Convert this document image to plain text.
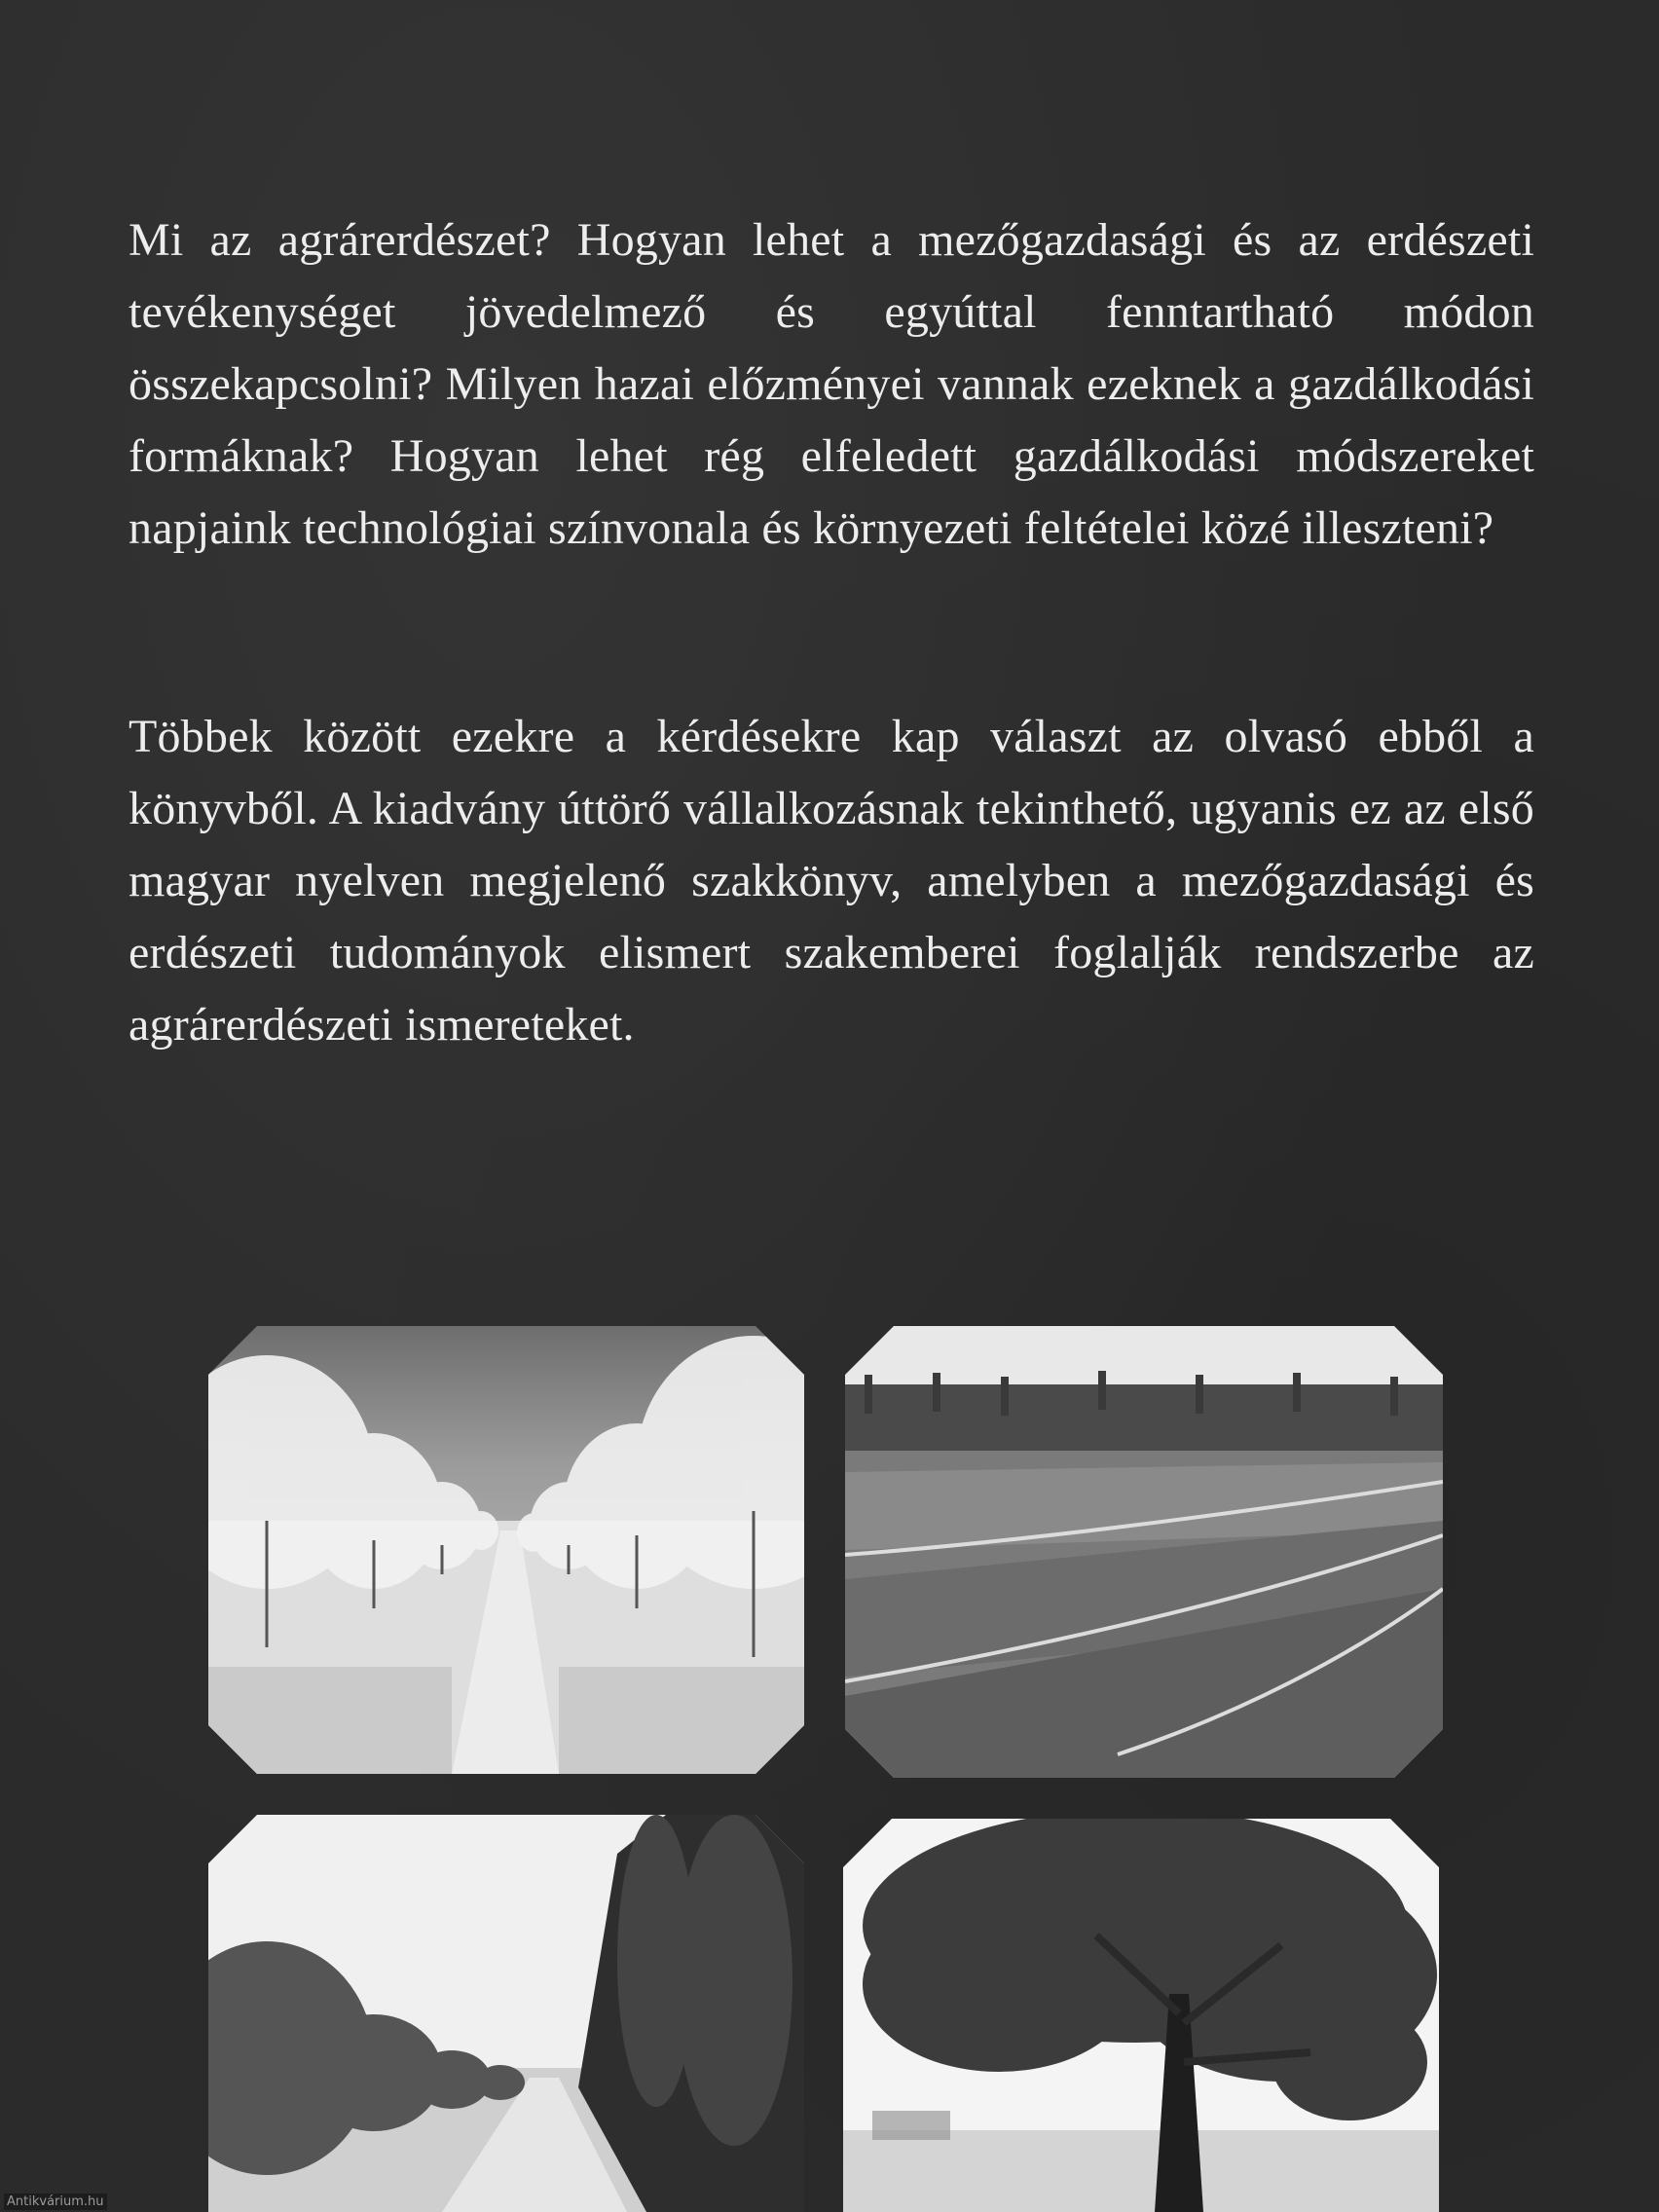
Mi az agrárerdészet? Hogyan lehet a mezőgazdasági és az erdészeti tevékenységet jövedelmező és egyúttal fenntartható módon összekapcsolni? Milyen hazai előzményei vannak ezeknek a gazdálkodási formáknak? Hogyan lehet rég elfeledett gazdálkodási módszereket napjaink technológiai színvonala és környezeti feltételei közé illeszteni?

Többek között ezekre a kérdésekre kap választ az olvasó ebből a könyvből. A kiadvány úttörő vállalkozásnak tekinthető, ugyanis ez az első magyar nyelven megjelenő szakkönyv, amelyben a mezőgazdasági és erdészeti tudományok elismert szakemberei foglalják rendszerbe az agrárerdészeti ismereteket.

Antikvárium.hu
